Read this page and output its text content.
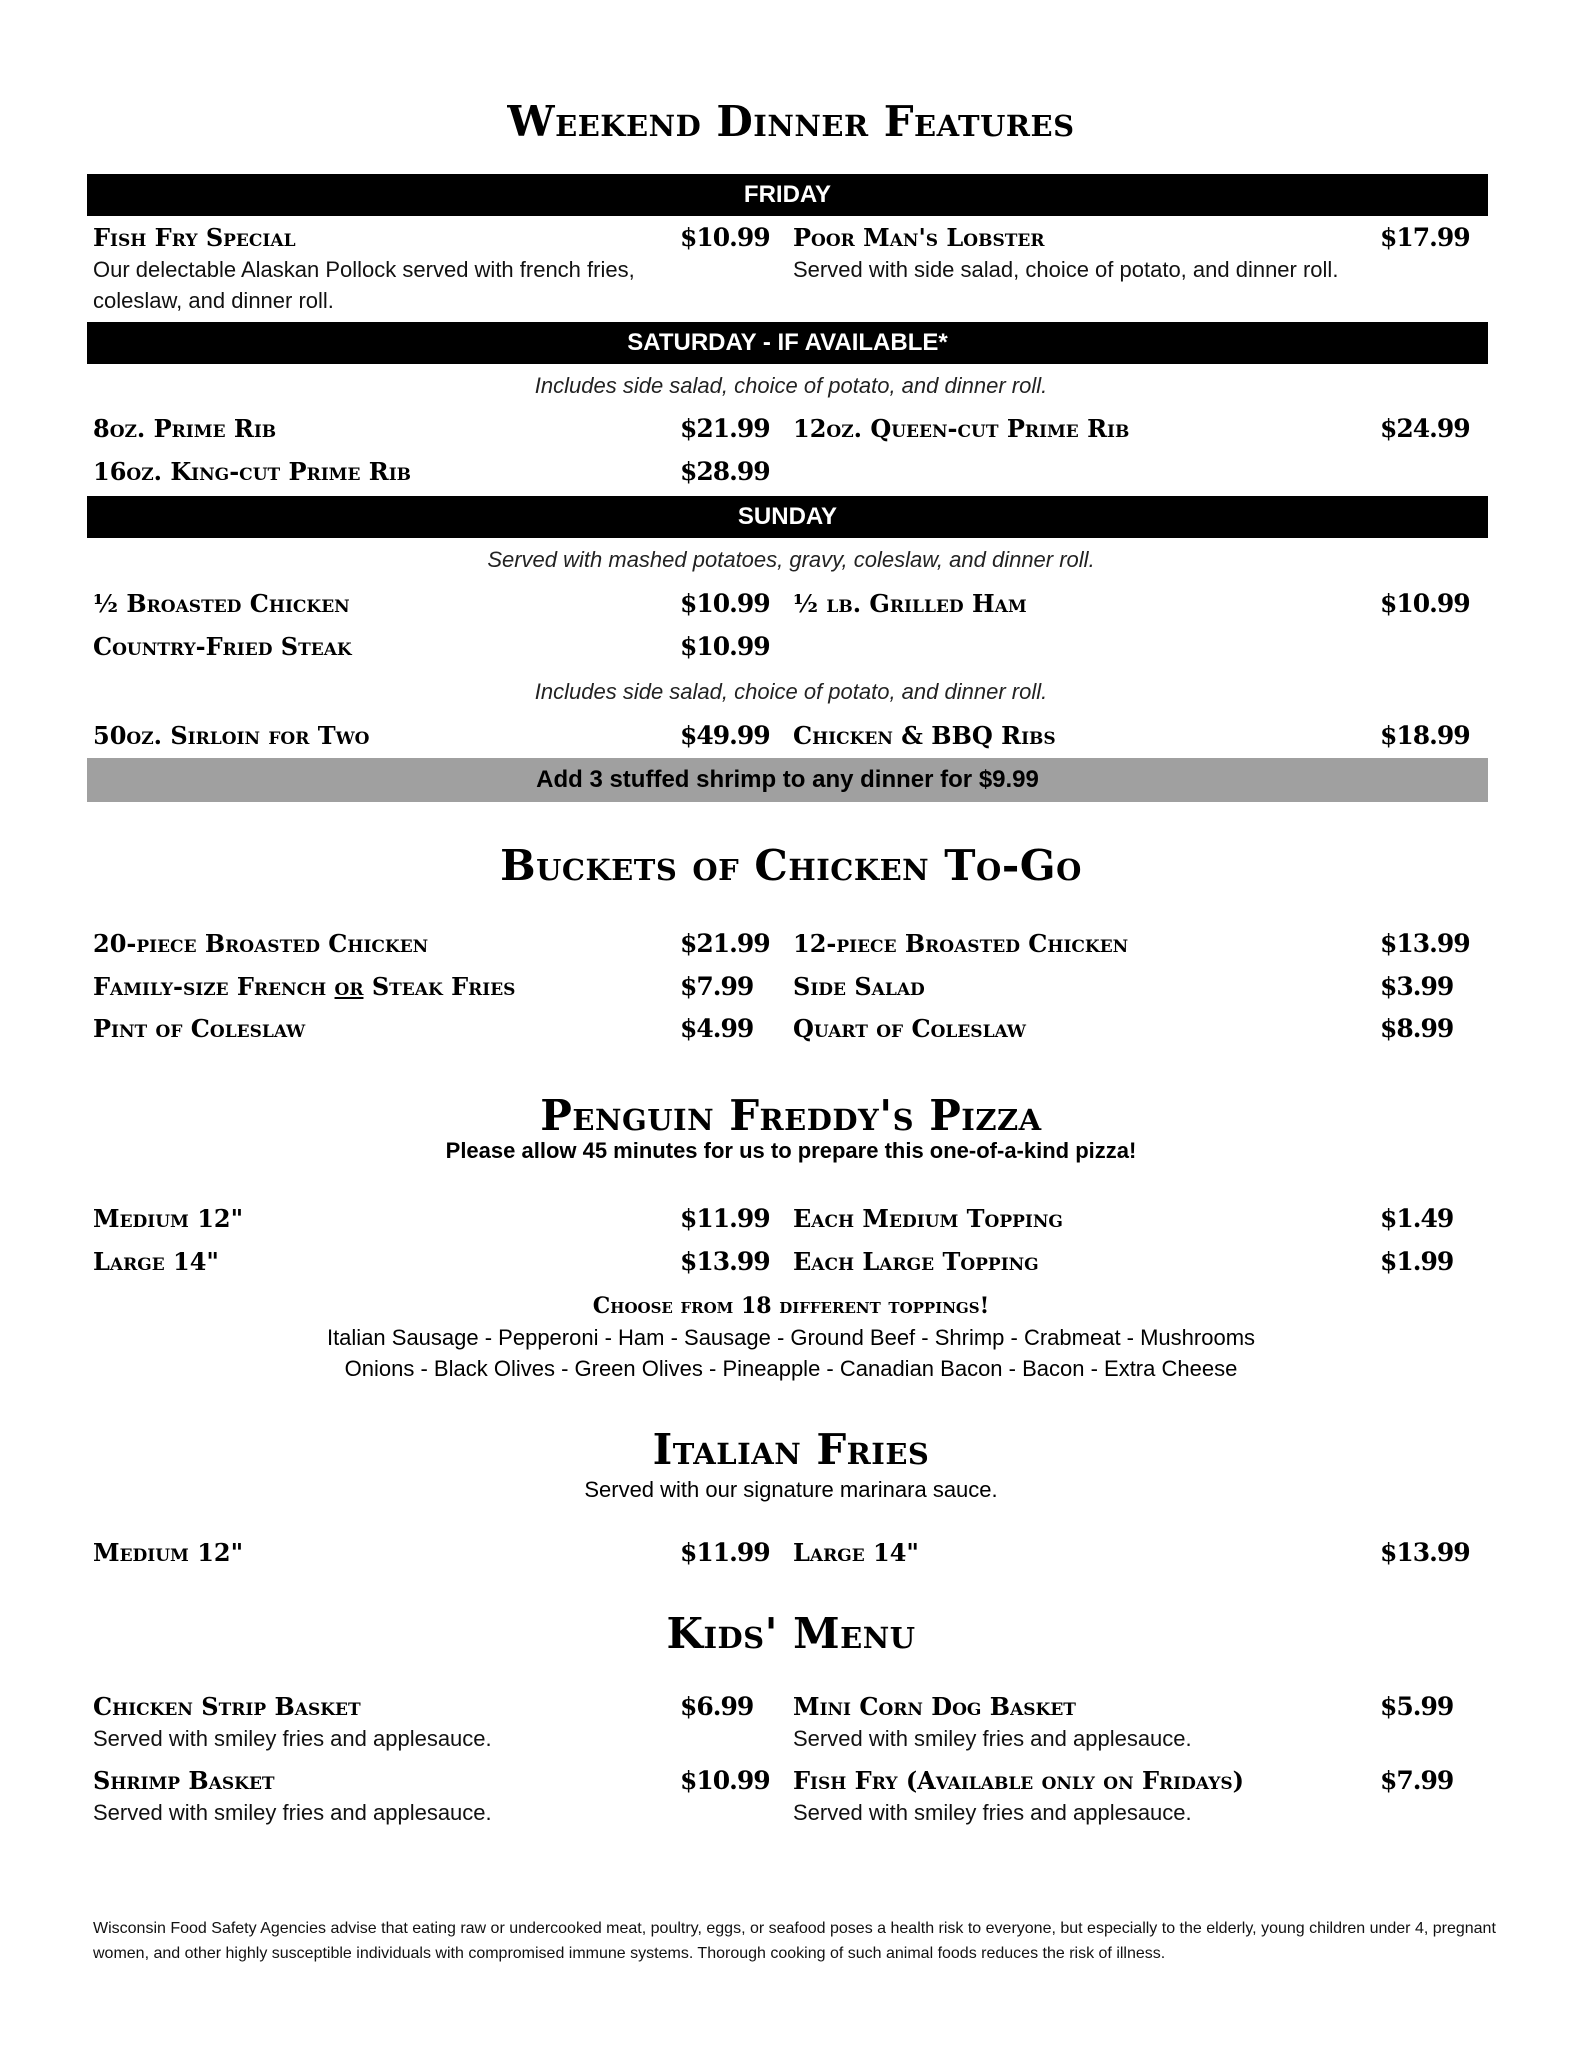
Weekend Dinner Features
FRIDAY
Fish Fry Special	$10.99
Our delectable Alaskan Pollock served with french fries, coleslaw, and dinner roll.
Poor Man's Lobster	$17.99
Served with side salad, choice of potato, and dinner roll.
SATURDAY - IF AVAILABLE*
Includes side salad, choice of potato, and dinner roll.
8oz. Prime Rib	$21.99 12oz. Queen-cut Prime Rib	$24.99
16oz. King-cut Prime Rib	$28.99
SUNDAY
Served with mashed potatoes, gravy, coleslaw, and dinner roll.
½ Broasted Chicken	$10.99 ½ lb. Grilled Ham	$10.99
Country-Fried Steak	$10.99
Includes side salad, choice of potato, and dinner roll.
50oz. Sirloin for Two	$49.99 Chicken & BBQ Ribs	$18.99
Add 3 stuffed shrimp to any dinner for $9.99
Buckets of Chicken To-Go
20-piece Broasted Chicken	$21.99 12-piece Broasted Chicken	$13.99
Family-size French or Steak Fries	$7.99 Side Salad	$3.99
Pint of Coleslaw	$4.99 Quart of Coleslaw	$8.99
Penguin Freddy's Pizza
Please allow 45 minutes for us to prepare this one-of-a-kind pizza!
Medium 12"	$11.99 Each Medium Topping	$1.49
Large 14"	$13.99 Each Large Topping	$1.99
Choose from 18 different toppings!
Italian Sausage - Pepperoni - Ham - Sausage - Ground Beef - Shrimp - Crabmeat - Mushrooms
Onions - Black Olives - Green Olives - Pineapple - Canadian Bacon - Bacon - Extra Cheese
Italian Fries
Served with our signature marinara sauce.
Medium 12"	$11.99 Large 14"	$13.99
Kids' Menu
Chicken Strip Basket	$6.99
Served with smiley fries and applesauce.
Mini Corn Dog Basket	$5.99
Served with smiley fries and applesauce.
Shrimp Basket	$10.99
Served with smiley fries and applesauce.
Fish Fry (Available only on Fridays)	$7.99
Served with smiley fries and applesauce.
Wisconsin Food Safety Agencies advise that eating raw or undercooked meat, poultry, eggs, or seafood poses a health risk to everyone, but especially to the elderly, young children under 4, pregnant women, and other highly susceptible individuals with compromised immune systems. Thorough cooking of such animal foods reduces the risk of illness.
